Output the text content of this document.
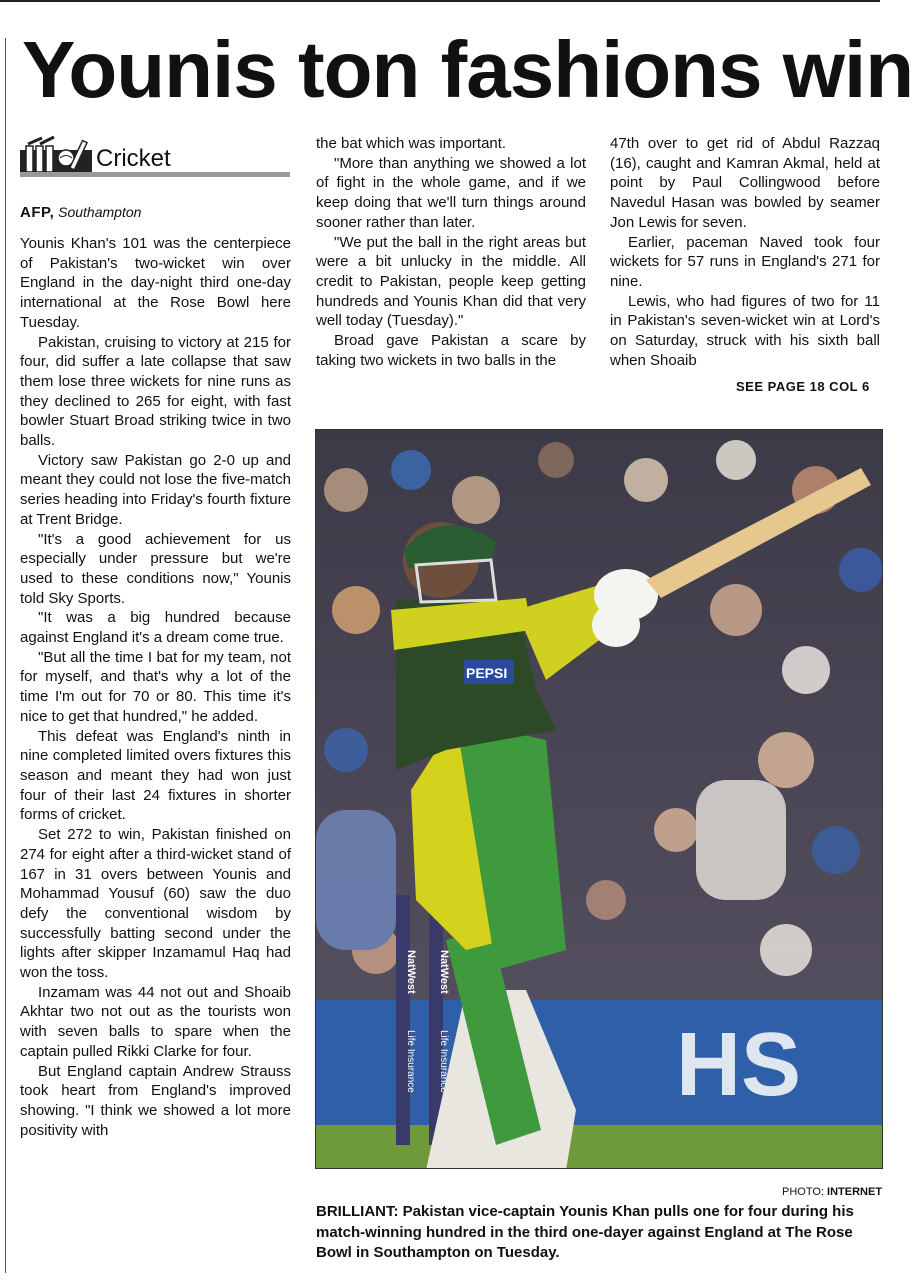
Younis ton fashions win
Cricket
AFP, Southampton

Younis Khan's 101 was the centerpiece of Pakistan's two-wicket win over England in the day-night third one-day international at the Rose Bowl here Tuesday.

Pakistan, cruising to victory at 215 for four, did suffer a late collapse that saw them lose three wickets for nine runs as they declined to 265 for eight, with fast bowler Stuart Broad striking twice in two balls.

Victory saw Pakistan go 2-0 up and meant they could not lose the five-match series heading into Friday's fourth fixture at Trent Bridge.

"It's a good achievement for us especially under pressure but we're used to these conditions now," Younis told Sky Sports.

"It was a big hundred because against England it's a dream come true.

"But all the time I bat for my team, not for myself, and that's why a lot of the time I'm out for 70 or 80. This time it's nice to get that hundred," he added.

This defeat was England's ninth in nine completed limited overs fixtures this season and meant they had won just four of their last 24 fixtures in shorter forms of cricket.

Set 272 to win, Pakistan finished on 274 for eight after a third-wicket stand of 167 in 31 overs between Younis and Mohammad Yousuf (60) saw the duo defy the conventional wisdom by successfully batting second under the lights after skipper Inzamamul Haq had won the toss.

Inzamam was 44 not out and Shoaib Akhtar two not out as the tourists won with seven balls to spare when the captain pulled Rikki Clarke for four.

But England captain Andrew Strauss took heart from England's improved showing. "I think we showed a lot more positivity with

the bat which was important.

"More than anything we showed a lot of fight in the whole game, and if we keep doing that we'll turn things around sooner rather than later.

"We put the ball in the right areas but were a bit unlucky in the middle. All credit to Pakistan, people keep getting hundreds and Younis Khan did that very well today (Tuesday)."

Broad gave Pakistan a scare by taking two wickets in two balls in the

47th over to get rid of Abdul Razzaq (16), caught and Kamran Akmal, held at point by Paul Collingwood before Navedul Hasan was bowled by seamer Jon Lewis for seven.

Earlier, paceman Naved took four wickets for 57 runs in England's 271 for nine.

Lewis, who had figures of two for 11 in Pakistan's seven-wicket win at Lord's on Saturday, struck with his sixth ball when Shoaib

SEE PAGE 18 COL 6
HS
NatWest
Life Insurance
NatWest
Life Insurance
PEPSI
PHOTO: INTERNET
BRILLIANT: Pakistan vice-captain Younis Khan pulls one for four during his match-winning hundred in the third one-dayer against England at The Rose Bowl in Southampton on Tuesday.
